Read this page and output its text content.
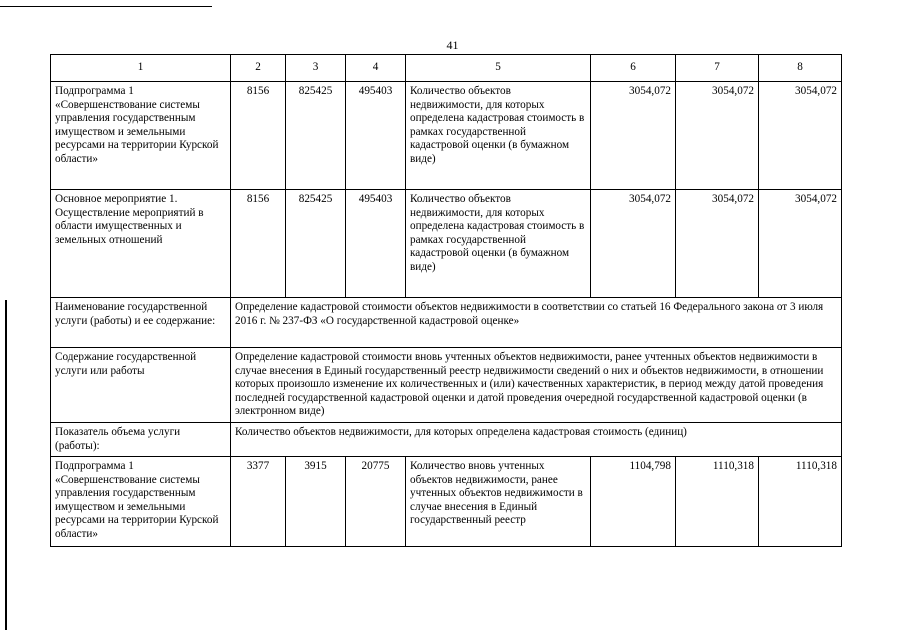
41
1	2	3	4	5	6	7	8
Подпрограмма 1 «Совершенствование системы управления государственным имуществом и земельными ресурсами на территории Курской области»	8156	825425	495403	Количество объектов недвижимости, для которых определена кадастровая стоимость в рамках государственной кадастровой оценки (в бумажном виде)	3054,072	3054,072	3054,072
Основное мероприятие 1. Осуществление мероприятий в области имущественных и земельных отношений	8156	825425	495403	Количество объектов недвижимости, для которых определена кадастровая стоимость в рамках государственной кадастровой оценки (в бумажном виде)	3054,072	3054,072	3054,072
Наименование государственной услуги (работы) и ее содержание:	Определение кадастровой стоимости объектов недвижимости в соответствии со статьей 16 Федерального закона от 3 июля 2016 г. № 237-ФЗ «О государственной кадастровой оценке»						
Содержание государственной услуги или работы	Определение кадастровой стоимости вновь учтенных объектов недвижимости, ранее учтенных объектов недвижимости в случае внесения в Единый государственный реестр недвижимости сведений о них и объектов недвижимости, в отношении которых произошло изменение их количественных и (или) качественных характеристик, в период между датой проведения последней государственной кадастровой оценки и датой проведения очередной государственной кадастровой оценки (в электронном виде)						
Показатель объема услуги (работы):	Количество объектов недвижимости, для которых определена кадастровая стоимость (единиц)						
Подпрограмма 1 «Совершенствование системы управления государственным имуществом и земельными ресурсами на территории Курской области»	3377	3915	20775	Количество вновь учтенных объектов недвижимости, ранее учтенных объектов недвижимости в случае внесения в Единый государственный реестр	1104,798	1110,318	1110,318
